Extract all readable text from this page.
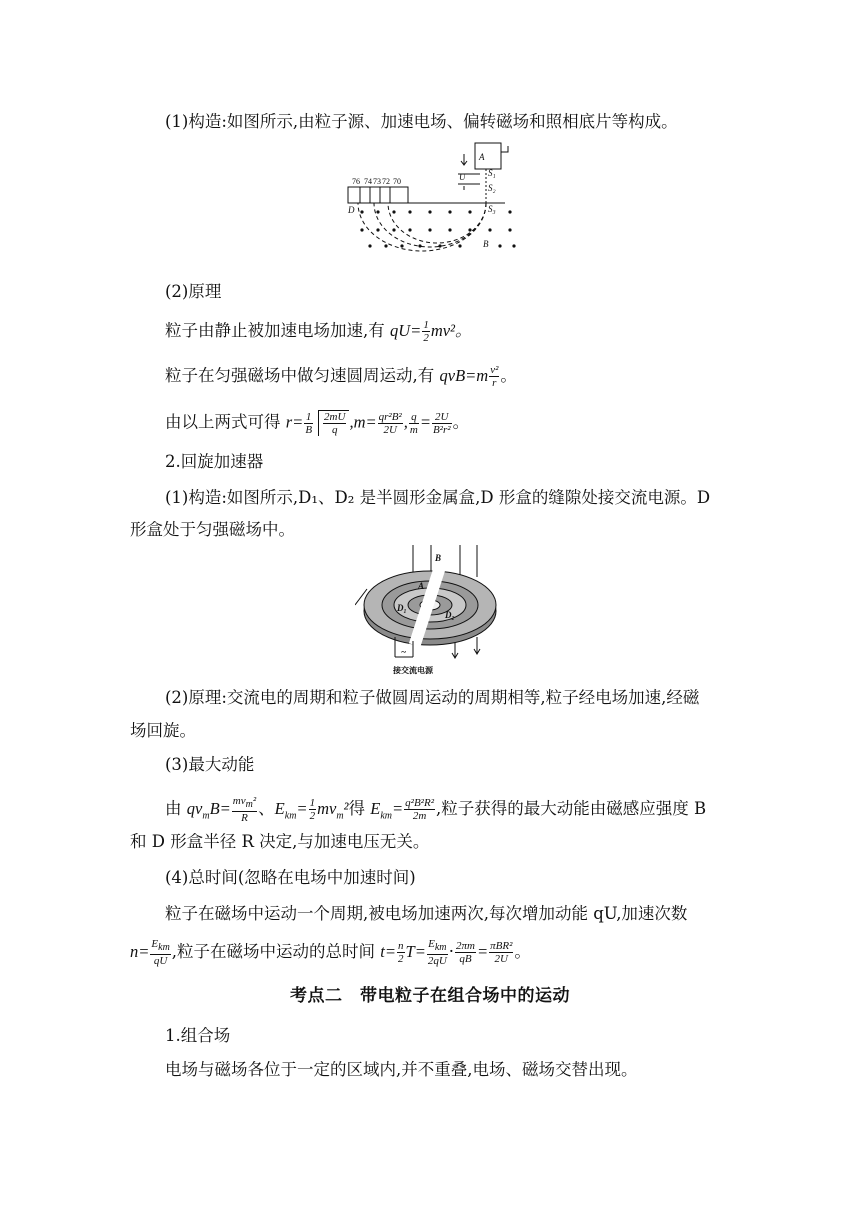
(1)构造:如图所示,由粒子源、加速电场、偏转磁场和照相底片等构成。
76 74 73 72 70
A
U	S₁
S₂
S₃
D
B
(2)原理
粒子由静止被加速电场加速,有 $qU= \frac{1}{2} mv^2$。
粒子在匀强磁场中做匀速圆周运动,有 $qvB=m \frac{\text{v²}}{r}$ 。
由以上两式可得 $r= \frac{1}{B} \frac{2mU}{q} ,m= \frac{\text{qr²B²}}{2U}$ , $\frac{q}{m} = \frac{2U}{\text{B²r²}}$ 。
2.回旋加速器
(1)构造:如图所示,D₁、D₂ 是半圆形金属盒,D 形盒的缝隙处接交流电源。D
形盒处于匀强磁场中。
B
A
D₁
D₂
~
接交流电源
(2)原理:交流电的周期和粒子做圆周运动的周期相等,粒子经电场加速,经磁
场回旋。
(3)最大动能
由 $qv_mB= \frac{mv_m^2}{R}$ 、$E_{km}= \frac{1}{2} mv_m^2$得 $E_{km}= \frac{\text{q²B²R²}}{2m}$ ,粒子获得的最大动能由磁感应强度 B
和 D 形盒半径 R 决定,与加速电压无关。
(4)总时间(忽略在电场中加速时间)
粒子在磁场中运动一个周期,被电场加速两次,每次增加动能 qU,加速次数
$n= \frac{E_{km}}{qU}$ ,粒子在磁场中运动的总时间 $t= \frac{n}{2} T= \frac{E_{km}}{2qU} \cdot \frac{2\pi m}{qB} = \frac{\text{πBR²}}{2U}$ 。
考点二　带电粒子在组合场中的运动
1.组合场
电场与磁场各位于一定的区域内,并不重叠,电场、磁场交替出现。
